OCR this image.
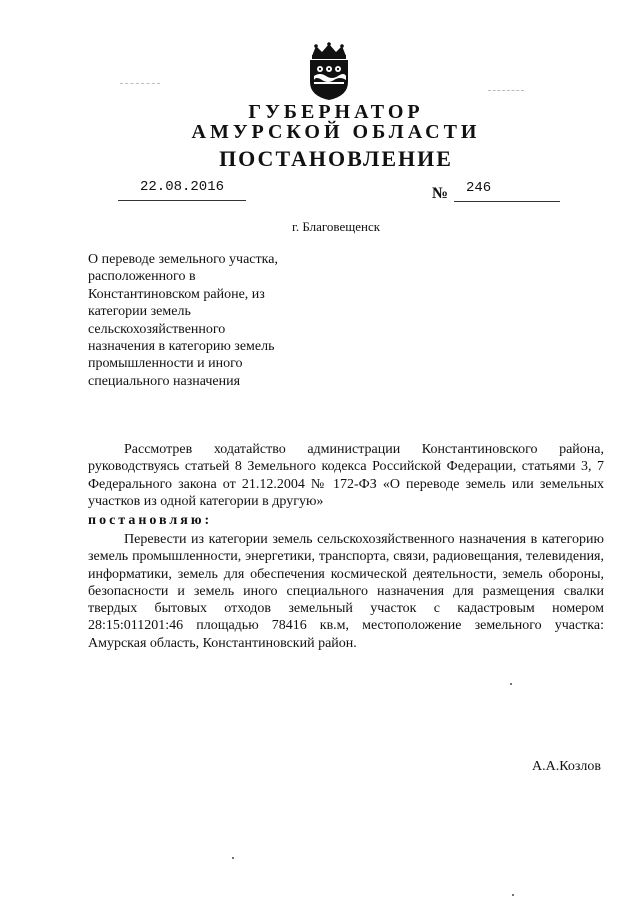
ГУБЕРНАТОР
АМУРСКОЙ ОБЛАСТИ
ПОСТАНОВЛЕНИЕ
22.08.2016	№ 246
г. Благовещенск
О переводе земельного участка,
расположенного в
Константиновском районе, из
категории земель
сельскохозяйственного
назначения в категорию земель
промышленности и иного
специального назначения
Рассмотрев ходатайство администрации Константиновского района, руководствуясь статьей 8 Земельного кодекса Российской Федерации, статьями 3, 7 Федерального закона от 21.12.2004 № 172-ФЗ «О переводе земель или земельных участков из одной категории в другую»
постановляю:
Перевести из категории земель сельскохозяйственного назначения в категорию земель промышленности, энергетики, транспорта, связи, радиовещания, телевидения, информатики, земель для обеспечения космической деятельности, земель обороны, безопасности и земель иного специального назначения для размещения свалки твердых бытовых отходов земельный участок с кадастровым номером 28:15:011201:46 площадью 78416 кв.м, местоположение земельного участка: Амурская область, Константиновский район.
А.А.Козлов
